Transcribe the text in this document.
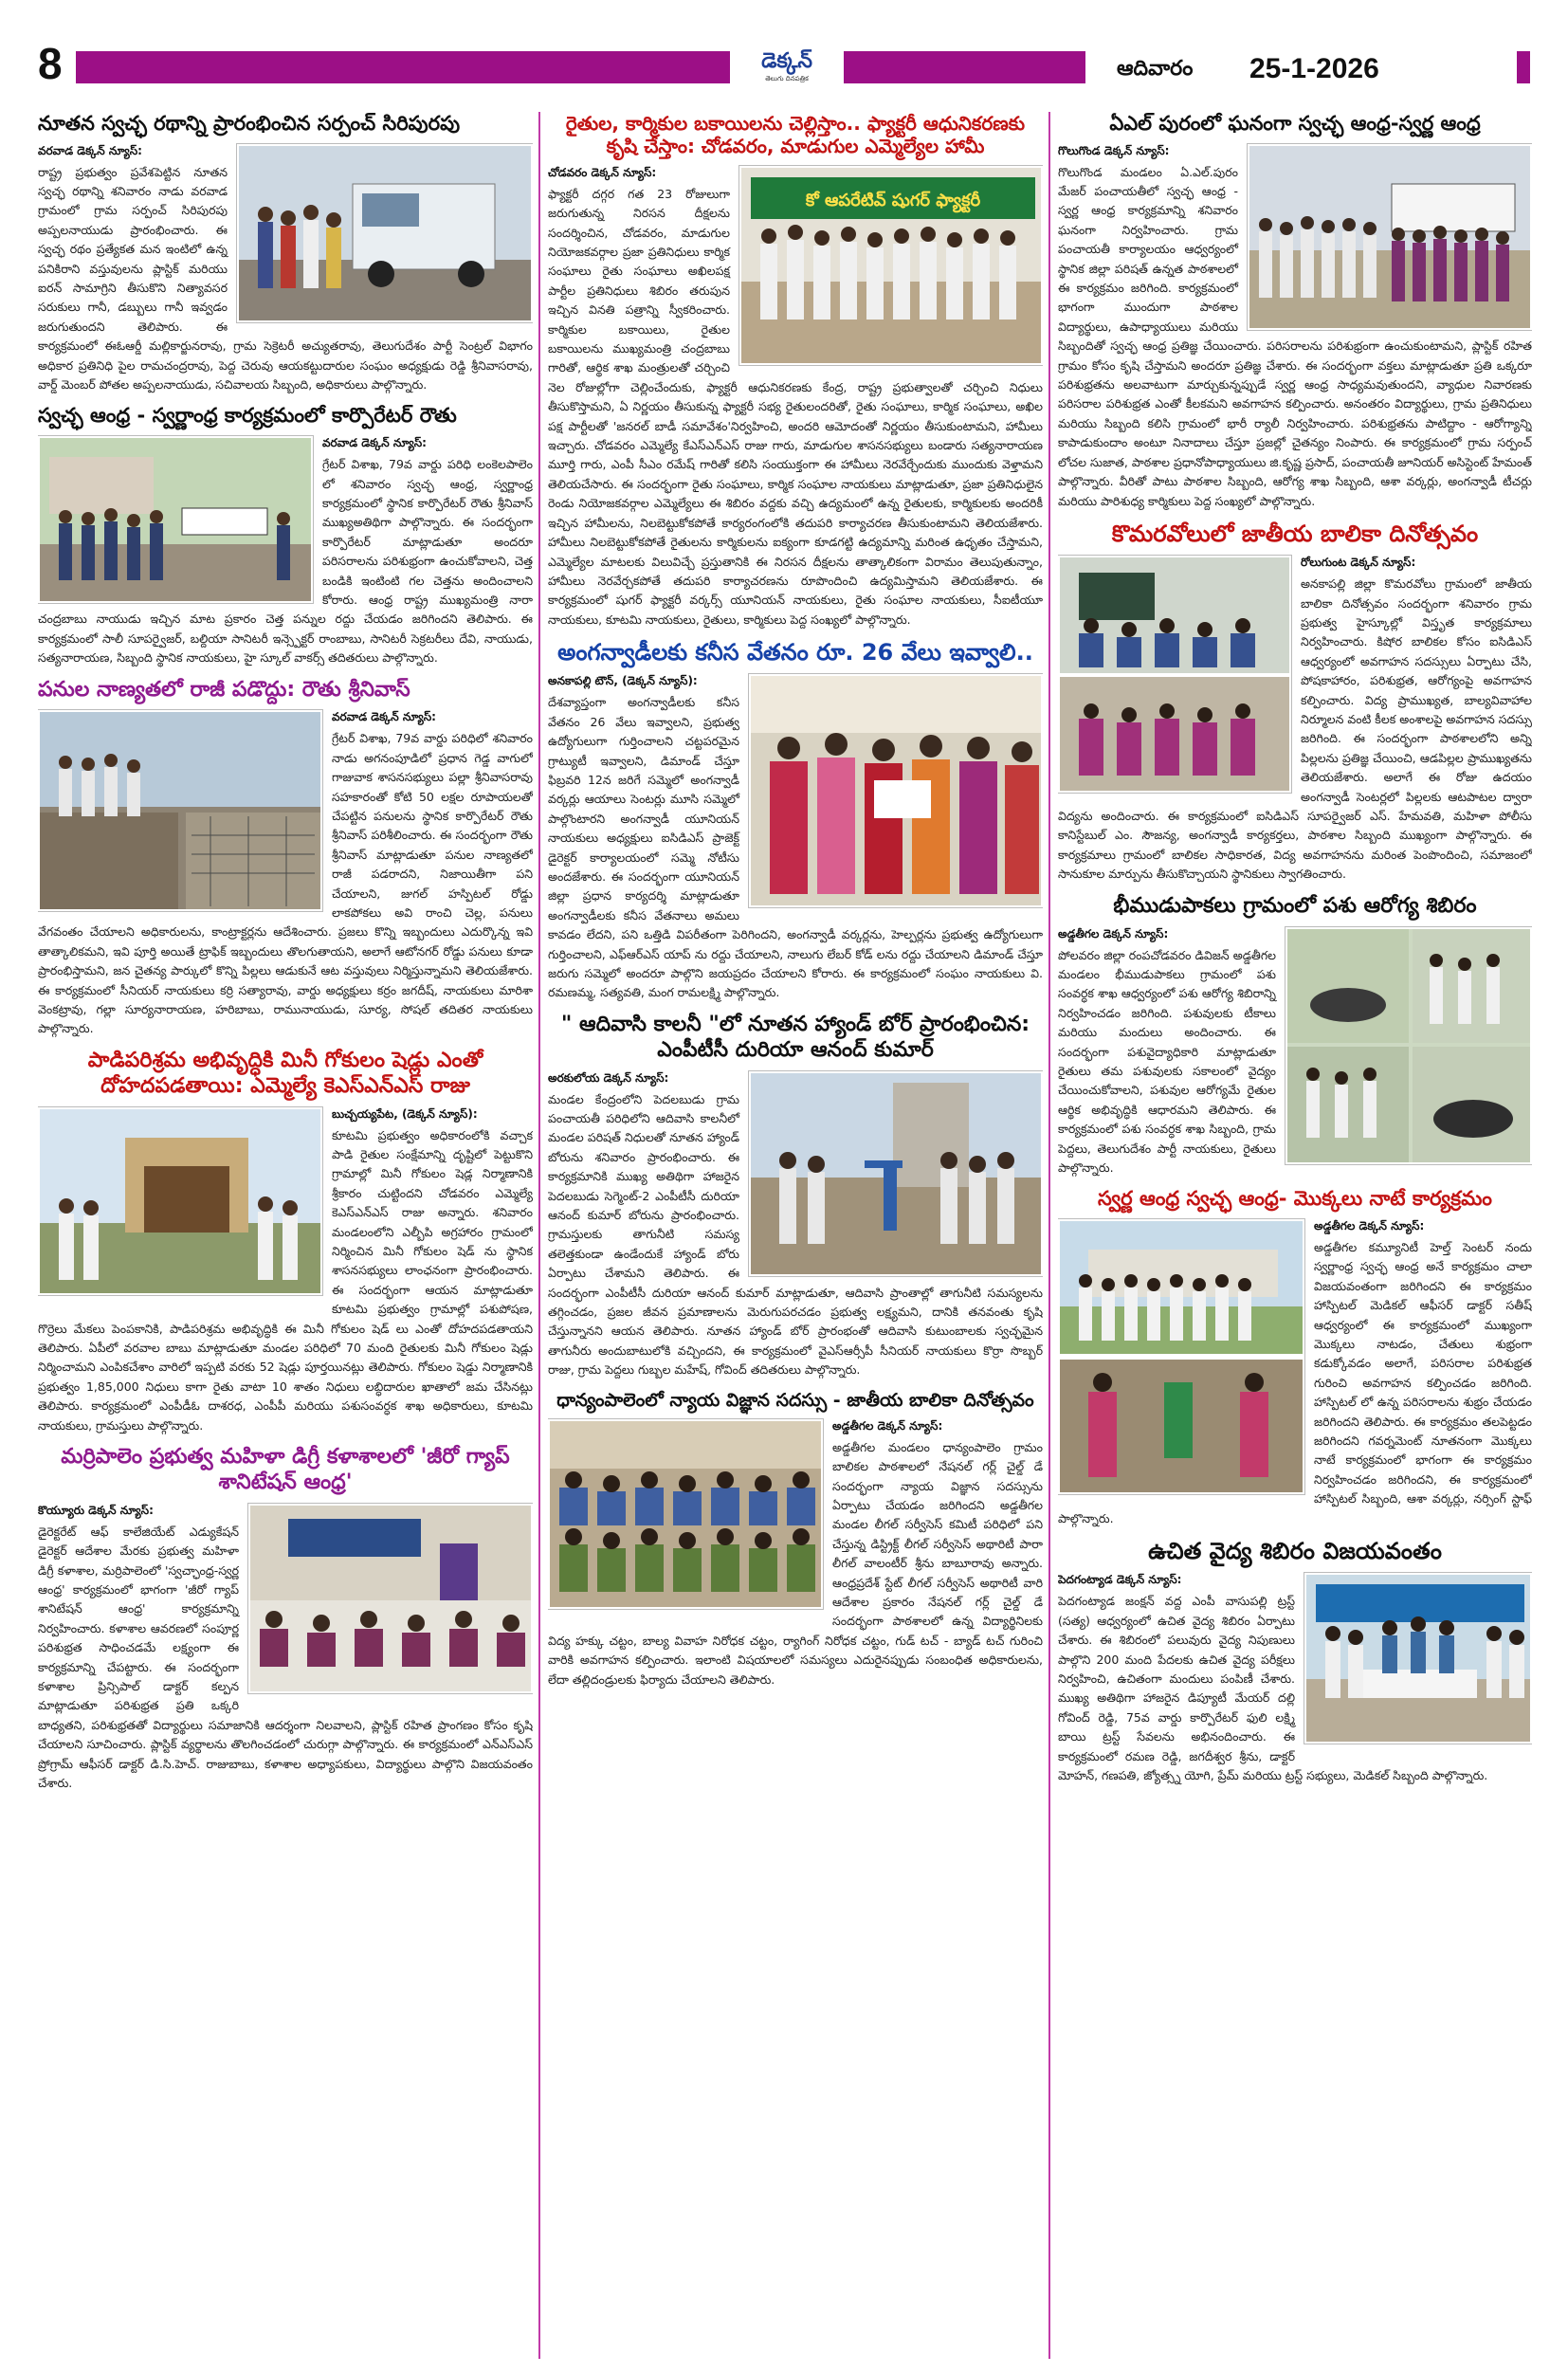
8	డెక్కన్
తెలుగు దినపత్రిక	ఆదివారం 25-1-2026
నూతన స్వచ్ఛ రథాన్ని ప్రారంభించిన సర్పంచ్ సిరిపురపు
వరవాడ డెక్కన్ న్యూస్:
రాష్ట్ర ప్రభుత్వం ప్రవేశపెట్టిన నూతన స్వచ్ఛ రథాన్ని శనివారం నాడు వరవాడ గ్రామంలో గ్రామ సర్పంచ్ సిరిపురపు అప్పలనాయుడు ప్రారంభించారు. ఈ స్వచ్ఛ రథం ప్రత్యేకత మన ఇంటిలో ఉన్న పనికిరాని వస్తువులను ప్లాస్టిక్ మరియు ఐరన్ సామాగ్రిని తీసుకొని నిత్యావసర సరుకులు గానీ, డబ్బులు గానీ ఇవ్వడం జరుగుతుందని తెలిపారు. ఈ కార్యక్రమంలో ఈఓఆర్డీ మల్లికార్జునరావు, గ్రామ సెక్రెటరీ అచ్యుతరావు, తెలుగుదేశం పార్టీ సెంట్రల్ విభాగం అధికార ప్రతినిధి పైల రామచంద్రరావు, పెద్ద చెరువు ఆయకట్టుదారుల సంఘం అధ్యక్షుడు రెడ్డి శ్రీనివాసరావు, వార్డ్ మెంబర్ పోతల అప్పలనాయుడు, సచివాలయ సిబ్బంది, అధికారులు పాల్గొన్నారు.
స్వచ్ఛ ఆంధ్ర - స్వర్ణాంధ్ర కార్యక్రమంలో కార్పొరేటర్ రౌతు
వరవాడ డెక్కన్ న్యూస్:
గ్రేటర్ విశాఖ, 79వ వార్డు పరిధి లంకెలపాలెం లో శనివారం స్వచ్ఛ ఆంధ్ర, స్వర్ణాంధ్ర కార్యక్రమంలో స్థానిక కార్పొరేటర్ రౌతు శ్రీనివాస్ ముఖ్యఅతిథిగా పాల్గొన్నారు. ఈ సందర్భంగా కార్పొరేటర్ మాట్లాడుతూ అందరూ పరిసరాలను పరిశుభ్రంగా ఉంచుకోవాలని, చెత్త బండికి ఇంటింటి గల చెత్తను అందించాలని కోరారు. ఆంధ్ర రాష్ట్ర ముఖ్యమంత్రి నారా చంద్రబాబు నాయుడు ఇచ్చిన మాట ప్రకారం చెత్త పన్నుల రద్దు చేయడం జరిగిందని తెలిపారు. ఈ కార్యక్రమంలో సాలీ సూపర్వైజర్, బల్దియా సానిటరీ ఇన్స్పెక్టర్ రాంబాబు, సానిటరీ సెక్రటరీలు దేవి, నాయుడు, సత్యనారాయణ, సిబ్బంది స్థానిక నాయకులు, హై స్కూల్ వాకర్స్ తదితరులు పాల్గొన్నారు.
పనుల నాణ్యతలో రాజీ పడొద్దు: రౌతు శ్రీనివాస్
వరవాడ డెక్కన్ న్యూస్:
గ్రేటర్ విశాఖ, 79వ వార్డు పరిధిలో శనివారం నాడు అగనంపూడిలో ప్రధాన గెడ్డ వాగులో గాజువాక శాసనసభ్యులు పల్లా శ్రీనివాసరావు సహకారంతో కోటి 50 లక్షల రూపాయలతో చేపట్టిన పనులను స్థానిక కార్పొరేటర్ రౌతు శ్రీనివాస్ పరిశీలించారు. ఈ సందర్భంగా రౌతు శ్రీనివాస్ మాట్లాడుతూ పనుల నాణ్యతలో రాజీ పడరాదని, నిజాయితీగా పని చేయాలని, జుగల్ హస్పిటల్ రోడ్డు లాకపోకలు అవి రాంచి చెల్ల, పనులు వేగవంతం చేయాలని అధికారులను, కాంట్రాక్టర్లను ఆదేశించారు. ప్రజలు కొన్ని ఇబ్బందులు ఎదుర్కొన్న ఇవి తాత్కాలికమని, ఇవి పూర్తి అయితే ట్రాఫిక్ ఇబ్బందులు తొలగుతాయని, అలాగే ఆటోనగర్ రోడ్డు పనులు కూడా ప్రారంభిస్తామని, జన చైతన్య పార్కులో కొన్ని పిల్లలు ఆడుకునే ఆట వస్తువులు నిర్మిస్తున్నామని తెలియజేశారు. ఈ కార్యక్రమంలో సీనియర్ నాయకులు కర్రి సత్యారావు, వార్డు అధ్యక్షులు కర్రం జగదీష్, నాయకులు మారిశా వెంకట్రావు, గల్లా సూర్యనారాయణ, హరిబాబు, రామునాయుడు, సూర్య, సోషల్ తదితర నాయకులు పాల్గొన్నారు.
పాడిపరిశ్రమ అభివృద్ధికి మినీ గోకులం షెడ్లు ఎంతో దోహదపడతాయి: ఎమ్మెల్యే కెఎస్ఎన్ఎస్ రాజు
బుచ్చయ్యపేట, (డెక్కన్ న్యూస్):
కూటమి ప్రభుత్వం అధికారంలోకి వచ్చాక పాడి రైతుల సంక్షేమాన్ని దృష్టిలో పెట్టుకొని గ్రామాల్లో మినీ గోకులం షెడ్ల నిర్మాణానికి శ్రీకారం చుట్టిందని చోడవరం ఎమ్మెల్యే కెఎస్ఎన్ఎస్ రాజు అన్నారు. శనివారం మండలంలోని ఎల్బీపి అగ్రహారం గ్రామంలో నిర్మించిన మినీ గోకులం షెడ్ ను స్థానిక శాసనసభ్యులు లాంఛనంగా ప్రారంభించారు. ఈ సందర్భంగా ఆయన మాట్లాడుతూ కూటమి ప్రభుత్వం గ్రామాల్లో పశుపోషణ, గొర్రెలు మేకలు పెంపకానికి, పాడిపరిశ్రమ అభివృద్ధికి ఈ మినీ గోకులం షెడ్ లు ఎంతో దోహదపడతాయని తెలిపారు. ఏపీలో వరవాల బాబు మాట్లాడుతూ మండల పరిధిలో 70 మంది రైతులకు మినీ గోకులం షెడ్లు నిర్మించామని ఎంపికచేశాం వారిలో ఇప్పటి వరకు 52 షెడ్లు పూర్తయినట్లు తెలిపారు. గోకులం షెడ్డు నిర్మాణానికి ప్రభుత్వం 1,85,000 నిధులు కాగా రైతు వాటా 10 శాతం నిధులు లబ్ధిదారుల ఖాతాలో జమ చేసినట్లు తెలిపారు. కార్యక్రమంలో ఎంపీడీఓ దాశరధ, ఎంపీపీ మరియు పశుసంవర్ధక శాఖ అధికారులు, కూటమి నాయకులు, గ్రామస్తులు పాల్గొన్నారు.
మర్రిపాలెం ప్రభుత్వ మహిళా డిగ్రీ కళాశాలలో 'జీరో గ్యాప్ శానిటేషన్ ఆంధ్ర'
కొయ్యూరు డెక్కన్ న్యూస్:
డైరెక్టరేట్ ఆఫ్ కాలేజియేట్ ఎడ్యుకేషన్ డైరెక్టర్ ఆదేశాల మేరకు ప్రభుత్వ మహిళా డిగ్రీ కళాశాల, మర్రిపాలెంలో 'స్వచ్ఛాంధ్ర-స్వర్ణ ఆంధ్ర' కార్యక్రమంలో భాగంగా 'జీరో గ్యాప్ శానిటేషన్ ఆంధ్ర' కార్యక్రమాన్ని నిర్వహించారు. కళాశాల ఆవరణలో సంపూర్ణ పరిశుభ్రత సాధించడమే లక్ష్యంగా ఈ కార్యక్రమాన్ని చేపట్టారు. ఈ సందర్భంగా కళాశాల ప్రిన్సిపాల్ డాక్టర్ కల్పన మాట్లాడుతూ పరిశుభ్రత ప్రతి ఒక్కరి బాధ్యతని, పరిశుభ్రతతో విద్యార్థులు సమాజానికి ఆదర్శంగా నిలవాలని, ప్లాస్టిక్ రహిత ప్రాంగణం కోసం కృషి చేయాలని సూచించారు. ప్లాస్టిక్ వ్యర్థాలను తొలగించడంలో చురుగ్గా పాల్గొన్నారు. ఈ కార్యక్రమంలో ఎన్ఎస్ఎస్ ప్రోగ్రామ్ ఆఫీసర్ డాక్టర్ డి.సి.హెచ్. రాజుబాబు, కళాశాల అధ్యాపకులు, విద్యార్థులు పాల్గొని విజయవంతం చేశారు.
రైతుల, కార్మికుల బకాయిలను చెల్లిస్తాం.. ఫ్యాక్టరీ ఆధునికరణకు కృషి చేస్తాం: చోడవరం, మాడుగుల ఎమ్మెల్యేల హామీ
కో ఆపరేటివ్ షుగర్ ఫ్యాక్టరీ
చోడవరం డెక్కన్ న్యూస్:
ఫ్యాక్టరీ దగ్గర గత 23 రోజులుగా జరుగుతున్న నిరసన దీక్షలను సందర్శించిన, చోడవరం, మాడుగుల నియోజకవర్గాల ప్రజా ప్రతినిధులు కార్మిక సంఘాలు రైతు సంఘాలు అఖిలపక్ష పార్టీల ప్రతినిధులు శిబిరం తరుపున ఇచ్చిన వినతి పత్రాన్ని స్వీకరించారు. కార్మికుల బకాయిలు, రైతుల బకాయిలను ముఖ్యమంత్రి చంద్రబాబు గారితో, ఆర్థిక శాఖ మంత్రులతో చర్చించి నెల రోజుల్లోగా చెల్లించేందుకు, ఫ్యాక్టరీ ఆధునికరణకు కేంద్ర, రాష్ట్ర ప్రభుత్వాలతో చర్చించి నిధులు తీసుకొస్తామని, ఏ నిర్ణయం తీసుకున్న ఫ్యాక్టరీ సభ్య రైతులందరితో, రైతు సంఘాలు, కార్మిక సంఘాలు, అఖిల పక్ష పార్టీలతో 'జనరల్ బాడీ సమావేశం'నిర్వహించి, అందరి ఆమోదంతో నిర్ణయం తీసుకుంటామని, హామీలు ఇచ్చారు. చోడవరం ఎమ్మెల్యే కేఎస్ఎన్ఎస్ రాజు గారు, మాడుగుల శాసనసభ్యులు బండారు సత్యనారాయణ మూర్తి గారు, ఎంపీ సీఎం రమేష్ గారితో కలిసి సంయుక్తంగా ఈ హామీలు నెరవేర్చేందుకు ముందుకు వెళ్తామని తెలియచేసారు. ఈ సందర్భంగా రైతు సంఘాలు, కార్మిక సంఘాల నాయకులు మాట్లాడుతూ, ప్రజా ప్రతినిధులైన రెండు నియోజకవర్గాల ఎమ్మెల్యేలు ఈ శిబిరం వద్దకు వచ్చి ఉద్యమంలో ఉన్న రైతులకు, కార్మికులకు అందరికీ ఇచ్చిన హామీలను, నిలబెట్టుకోకపోతే కార్యరంగంలోకి తదుపరి కార్యాచరణ తీసుకుంటామని తెలియజేశారు. హామీలు నిలబెట్టుకోకపోతే రైతులను కార్మికులను ఐక్యంగా కూడగట్టి ఉద్యమాన్ని మరింత ఉధృతం చేస్తామని, ఎమ్మెల్యేల మాటలకు విలువిచ్చే ప్రస్తుతానికి ఈ నిరసన దీక్షలను తాత్కాలికంగా విరామం తెలుపుతున్నాం, హామీలు నెరవేర్చకపోతే తదుపరి కార్యాచరణను రూపొందించి ఉద్యమిస్తామని తెలియజేశారు. ఈ కార్యక్రమంలో షుగర్ ఫ్యాక్టరీ వర్కర్స్ యూనియన్ నాయకులు, రైతు సంఘాల నాయకులు, సీఐటీయూ నాయకులు, కూటమి నాయకులు, రైతులు, కార్మికులు పెద్ద సంఖ్యలో పాల్గొన్నారు.
అంగన్వాడీలకు కనీస వేతనం రూ. 26 వేలు ఇవ్వాలి..
అనకాపల్లి టౌన్, (డెక్కన్ న్యూస్):
దేశవ్యాప్తంగా అంగన్వాడీలకు కనీస వేతనం 26 వేలు ఇవ్వాలని, ప్రభుత్వ ఉద్యోగులుగా గుర్తించాలని చట్టపరమైన గ్రాట్యుటీ ఇవ్వాలని, డిమాండ్ చేస్తూ ఫిబ్రవరి 12న జరిగే సమ్మెలో అంగన్వాడీ వర్కర్లు ఆయాలు సెంటర్లు మూసి సమ్మెలో పాల్గొంటారని అంగన్వాడీ యూనియన్ నాయకులు అధ్యక్షులు ఐసిడిఎస్ ప్రాజెక్ట్ డైరెక్టర్ కార్యాలయంలో సమ్మె నోటీసు అందజేశారు. ఈ సందర్భంగా యూనియన్ జిల్లా ప్రధాన కార్యదర్శి మాట్లాడుతూ అంగన్వాడీలకు కనీస వేతనాలు అమలు కావడం లేదని, పని ఒత్తిడి విపరీతంగా పెరిగిందని, అంగన్వాడీ వర్కర్లను, హెల్పర్లను ప్రభుత్వ ఉద్యోగులుగా గుర్తించాలని, ఎఫ్ఆర్ఎస్ యాప్ ను రద్దు చేయాలని, నాలుగు లేబర్ కోడ్ లను రద్దు చేయాలని డిమాండ్ చేస్తూ జరుగు సమ్మెలో అందరూ పాల్గొని జయప్రదం చేయాలని కోరారు. ఈ కార్యక్రమంలో సంఘం నాయకులు వి. రమణమ్మ, సత్యవతి, మంగ రామలక్ష్మి పాల్గొన్నారు.
" ఆదివాసి కాలనీ "లో నూతన హ్యాండ్ బోర్ ప్రారంభించిన: ఎంపీటీసీ దురియా ఆనంద్ కుమార్
అరకులోయ డెక్కన్ న్యూస్:
మండల కేంద్రంలోని పెదలబుడు గ్రామ పంచాయతీ పరిధిలోని ఆదివాసి కాలనీలో మండల పరిషత్ నిధులతో నూతన హ్యాండ్ బోరును శనివారం ప్రారంభించారు. ఈ కార్యక్రమానికి ముఖ్య అతిథిగా హాజరైన పెదలబుడు సెగ్మెంట్-2 ఎంపీటీసీ దురియా ఆనంద్ కుమార్ బోరును ప్రారంభించారు. గ్రామస్తులకు తాగునీటి సమస్య తలెత్తకుండా ఉండేందుకే హ్యాండ్ బోరు ఏర్పాటు చేశామని తెలిపారు. ఈ సందర్భంగా ఎంపీటీసీ దురియా ఆనంద్ కుమార్ మాట్లాడుతూ, ఆదివాసి ప్రాంతాల్లో తాగునీటి సమస్యలను తగ్గించడం, ప్రజల జీవన ప్రమాణాలను మెరుగుపరచడం ప్రభుత్వ లక్ష్యమని, దానికి తనవంతు కృషి చేస్తున్నానని ఆయన తెలిపారు. నూతన హ్యాండ్ బోర్ ప్రారంభంతో ఆదివాసి కుటుంబాలకు స్వచ్ఛమైన తాగునీరు అందుబాటులోకి వచ్చిందని, ఈ కార్యక్రమంలో వైఎస్ఆర్సీపీ సీనియర్ నాయకులు కొర్రా సొబ్బర్ రాజు, గ్రామ పెద్దలు గుబ్బల మహేష్, గోవింద్ తదితరులు పాల్గొన్నారు.
ధాన్యంపాలెంలో న్యాయ విజ్ఞాన సదస్సు - జాతీయ బాలికా దినోత్సవం
అడ్డతీగల డెక్కన్ న్యూస్:
అడ్డతీగల మండలం ధాన్యంపాలెం గ్రామం బాలికల పాఠశాలలో నేషనల్ గర్ల్ చైల్డ్ డే సందర్భంగా న్యాయ విజ్ఞాన సదస్సును ఏర్పాటు చేయడం జరిగిందని అడ్డతీగల మండల లీగల్ సర్వీసెస్ కమిటీ పరిధిలో పని చేస్తున్న డిస్ట్రిక్ట్ లీగల్ సర్వీసెస్ అథారిటీ పారా లీగల్ వాలంటీర్ శ్రీను బాబూరావు అన్నారు. ఆంధ్రప్రదేశ్ స్టేట్ లీగల్ సర్వీసెస్ అథారిటీ వారి ఆదేశాల ప్రకారం నేషనల్ గర్ల్ చైల్డ్ డే సందర్భంగా పాఠశాలలో ఉన్న విద్యార్థినిలకు విద్య హక్కు చట్టం, బాల్య వివాహ నిరోధక చట్టం, ర్యాగింగ్ నిరోధక చట్టం, గుడ్ టచ్ - బ్యాడ్ టచ్ గురించి వారికి అవగాహన కల్పించారు. ఇలాంటి విషయాలలో సమస్యలు ఎదురైనప్పుడు సంబంధిత అధికారులను, లేదా తల్లిదండ్రులకు ఫిర్యాదు చేయాలని తెలిపారు.
ఏఎల్ పురంలో ఘనంగా స్వచ్ఛ ఆంధ్ర-స్వర్ణ ఆంధ్ర
గొలుగొండ డెక్కన్ న్యూస్:
గొలుగొండ మండలం ఏ.ఎల్.పురం మేజర్ పంచాయతీలో స్వచ్ఛ ఆంధ్ర - స్వర్ణ ఆంధ్ర కార్యక్రమాన్ని శనివారం ఘనంగా నిర్వహించారు. గ్రామ పంచాయతీ కార్యాలయం ఆధ్వర్యంలో స్థానిక జిల్లా పరిషత్ ఉన్నత పాఠశాలలో ఈ కార్యక్రమం జరిగింది. కార్యక్రమంలో భాగంగా ముందుగా పాఠశాల విద్యార్థులు, ఉపాధ్యాయులు మరియు సిబ్బందితో స్వచ్ఛ ఆంధ్ర ప్రతిజ్ఞ చేయించారు. పరిసరాలను పరిశుభ్రంగా ఉంచుకుంటామని, ప్లాస్టిక్ రహిత గ్రామం కోసం కృషి చేస్తామని అందరూ ప్రతిజ్ఞ చేశారు. ఈ సందర్భంగా వక్తలు మాట్లాడుతూ ప్రతి ఒక్కరూ పరిశుభ్రతను అలవాటుగా మార్చుకున్నప్పుడే స్వర్ణ ఆంధ్ర సాధ్యమవుతుందని, వ్యాధుల నివారణకు పరిసరాల పరిశుభ్రత ఎంతో కీలకమని అవగాహన కల్పించారు. అనంతరం విద్యార్థులు, గ్రామ ప్రతినిధులు మరియు సిబ్బంది కలిసి గ్రామంలో భారీ ర్యాలీ నిర్వహించారు. పరిశుభ్రతను పాటిద్దాం - ఆరోగ్యాన్ని కాపాడుకుందాం అంటూ నినాదాలు చేస్తూ ప్రజల్లో చైతన్యం నింపారు. ఈ కార్యక్రమంలో గ్రామ సర్పంచ్ లోచల సుజాత, పాఠశాల ప్రధానోపాధ్యాయులు జి.కృష్ణ ప్రసాద్, పంచాయతీ జూనియర్ అసిస్టెంట్ హేమంత్ పాల్గొన్నారు. వీరితో పాటు పాఠశాల సిబ్బంది, ఆరోగ్య శాఖ సిబ్బంది, ఆశా వర్కర్లు, అంగన్వాడీ టీచర్లు మరియు పారిశుధ్య కార్మికులు పెద్ద సంఖ్యలో పాల్గొన్నారు.
కొమరవోలులో జాతీయ బాలికా దినోత్సవం
రోలుగుంట డెక్కన్ న్యూస్:
అనకాపల్లి జిల్లా కొమరవోలు గ్రామంలో జాతీయ బాలికా దినోత్సవం సందర్భంగా శనివారం గ్రామ ప్రభుత్వ హైస్కూల్లో విస్తృత కార్యక్రమాలు నిర్వహించారు. కిషోర బాలికల కోసం ఐసిడిఎస్ ఆధ్వర్యంలో అవగాహన సదస్సులు ఏర్పాటు చేసి, పోషకాహారం, పరిశుభ్రత, ఆరోగ్యంపై అవగాహన కల్పించారు. విద్య ప్రాముఖ్యత, బాల్యవివాహాల నిర్మూలన వంటి కీలక అంశాలపై అవగాహన సదస్సు జరిగింది. ఈ సందర్భంగా పాఠశాలలోని అన్ని పిల్లలను ప్రతిజ్ఞ చేయించి, ఆడపిల్లల ప్రాముఖ్యతను తెలియజేశారు. అలాగే ఈ రోజు ఉదయం అంగన్వాడీ సెంటర్లలో పిల్లలకు ఆటపాటల ద్వారా విద్యను అందించారు. ఈ కార్యక్రమంలో ఐసిడిఎస్ సూపర్వైజర్ ఎస్. హేమవతి, మహిళా పోలీసు కానిస్టేబుల్ ఎం. సౌజన్య, అంగన్వాడీ కార్యకర్తలు, పాఠశాల సిబ్బంది ముఖ్యంగా పాల్గొన్నారు. ఈ కార్యక్రమాలు గ్రామంలో బాలికల సాధికారత, విద్య అవగాహనను మరింత పెంపొందించి, సమాజంలో సానుకూల మార్పును తీసుకొచ్చాయని స్థానికులు స్వాగతించారు.
భీముడుపాకలు గ్రామంలో పశు ఆరోగ్య శిబిరం
అడ్డతీగల డెక్కన్ న్యూస్:
పోలవరం జిల్లా రంపచోడవరం డివిజన్ అడ్డతీగల మండలం భీముడుపాకలు గ్రామంలో పశు సంవర్ధక శాఖ ఆధ్వర్యంలో పశు ఆరోగ్య శిబిరాన్ని నిర్వహించడం జరిగింది. పశువులకు టీకాలు మరియు మందులు అందించారు. ఈ సందర్భంగా పశువైద్యాధికారి మాట్లాడుతూ రైతులు తమ పశువులకు సకాలంలో వైద్యం చేయించుకోవాలని, పశువుల ఆరోగ్యమే రైతుల ఆర్థిక అభివృద్ధికి ఆధారమని తెలిపారు. ఈ కార్యక్రమంలో పశు సంవర్ధక శాఖ సిబ్బంది, గ్రామ పెద్దలు, తెలుగుదేశం పార్టీ నాయకులు, రైతులు పాల్గొన్నారు.
స్వర్ణ ఆంధ్ర స్వచ్ఛ ఆంధ్ర- మొక్కలు నాటే కార్యక్రమం
అడ్డతీగల డెక్కన్ న్యూస్:
అడ్డతీగల కమ్యూనిటీ హెల్త్ సెంటర్ నందు స్వర్ణాంధ్ర స్వచ్ఛ ఆంధ్ర అనే కార్యక్రమం చాలా విజయవంతంగా జరిగిందని ఈ కార్యక్రమం హాస్పిటల్ మెడికల్ ఆఫీసర్ డాక్టర్ సతీష్ ఆధ్వర్యంలో ఈ కార్యక్రమంలో ముఖ్యంగా మొక్కలు నాటడం, చేతులు శుభ్రంగా కడుక్కోవడం అలాగే, పరిసరాల పరిశుభ్రత గురించి అవగాహన కల్పించడం జరిగింది. హాస్పిటల్ లో ఉన్న పరిసరాలను శుభ్రం చేయడం జరిగిందని తెలిపారు. ఈ కార్యక్రమం తలపెట్టడం జరిగిందని గవర్నమెంట్ నూతనంగా మొక్కలు నాటే కార్యక్రమంలో భాగంగా ఈ కార్యక్రమం నిర్వహించడం జరిగిందని, ఈ కార్యక్రమంలో హాస్పిటల్ సిబ్బంది, ఆశా వర్కర్లు, నర్సింగ్ స్టాఫ్ పాల్గొన్నారు.
ఉచిత వైద్య శిబిరం విజయవంతం
పెదగంట్యాడ డెక్కన్ న్యూస్:
పెదగంట్యాడ జంక్షన్ వద్ద ఎంపీ వాసుపల్లి ట్రస్ట్ (సత్య) ఆధ్వర్యంలో ఉచిత వైద్య శిబిరం ఏర్పాటు చేశారు. ఈ శిబిరంలో పలువురు వైద్య నిపుణులు పాల్గొని 200 మంది పేదలకు ఉచిత వైద్య పరీక్షలు నిర్వహించి, ఉచితంగా మందులు పంపిణీ చేశారు. ముఖ్య అతిథిగా హాజరైన డిప్యూటీ మేయర్ దల్లి గోవింద్ రెడ్డి, 75వ వార్డు కార్పొరేటర్ ఫులి లక్ష్మి బాయి ట్రస్ట్ సేవలను అభినందించారు. ఈ కార్యక్రమంలో రమణ రెడ్డి, జగదీశ్వర శ్రీను, డాక్టర్ మోహన్, గణపతి, జ్యోత్స్న యోగి, ప్రేమ్ మరియు ట్రస్ట్ సభ్యులు, మెడికల్ సిబ్బంది పాల్గొన్నారు.
